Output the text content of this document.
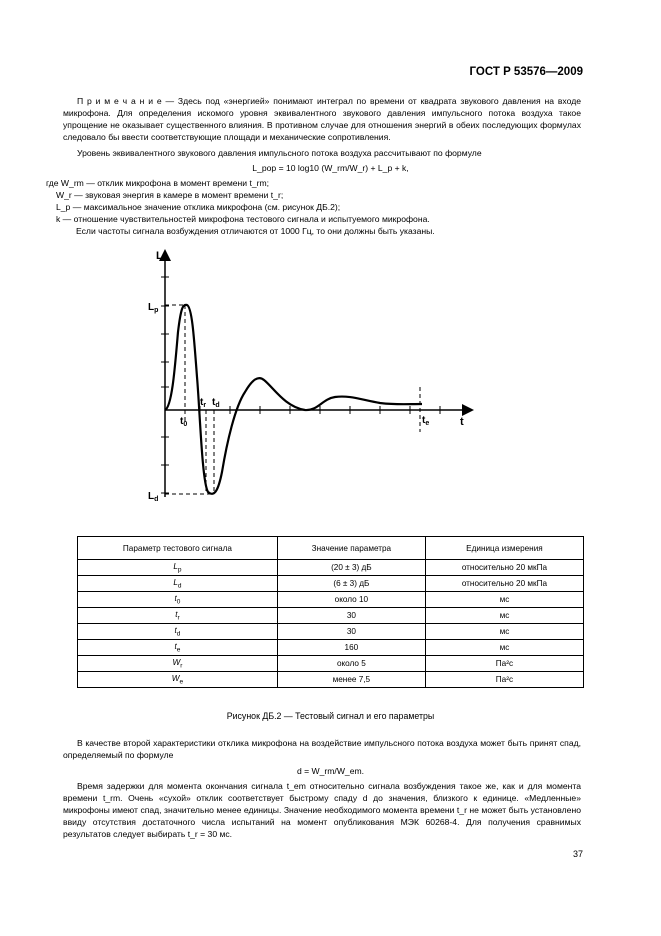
ГОСТ Р 53576—2009
П р и м е ч а н и е — Здесь под «энергией» понимают интеграл по времени от квадрата звукового давления на входе микрофона. Для определения искомого уровня эквивалентного звукового давления импульсного потока воздуха такое упрощение не оказывает существенного влияния. В противном случае для отношения энергий в обеих последующих формулах следовало бы ввести соответствующие площади и механические сопротивления.
Уровень эквивалентного звукового давления импульсного потока воздуха рассчитывают по формуле
L_pop = 10 log10 (W_rm/W_r) + L_p + k,
где W_rm — отклик микрофона в момент времени t_rm;
W_r — звуковая энергия в камере в момент времени t_r;
L_p — максимальное значение отклика микрофона (см. рисунок ДБ.2);
k — отношение чувствительностей микрофона тестового сигнала и испытуемого микрофона.
Если частоты сигнала возбуждения отличаются от 1000 Гц, то они должны быть указаны.
L
t
$L_p$
$L_d$
$t_0$
$t_r$ $t_d$
$t_e$
Параметр тестового сигнала	Значение параметра	Единица измерения
$L_p$	(20 ± 3) дБ	относительно 20 мкПа
$L_d$	(6 ± 3) дБ	относительно 20 мкПа
$t_0$	около 10	мс
$t_r$	30	мс
$t_d$	30	мс
$t_e$	160	мс
$W_r$	около 5	Па²с
$W_e$	менее 7,5	Па²с
Рисунок ДБ.2 — Тестовый сигнал и его параметры
В качестве второй характеристики отклика микрофона на воздействие импульсного потока воздуха может быть принят спад, определяемый по формуле
d = W_rm/W_em.
Время задержки для момента окончания сигнала t_em относительно сигнала возбуждения такое же, как и для момента времени t_rm. Очень «сухой» отклик соответствует быстрому спаду d до значения, близкого к единице. «Медленные» микрофоны имеют спад, значительно менее единицы. Значение необходимого момента времени t_r не может быть установлено ввиду отсутствия достаточного числа испытаний на момент опубликования МЭК 60268-4. Для получения сравнимых результатов следует выбирать t_r = 30 мс.
37
